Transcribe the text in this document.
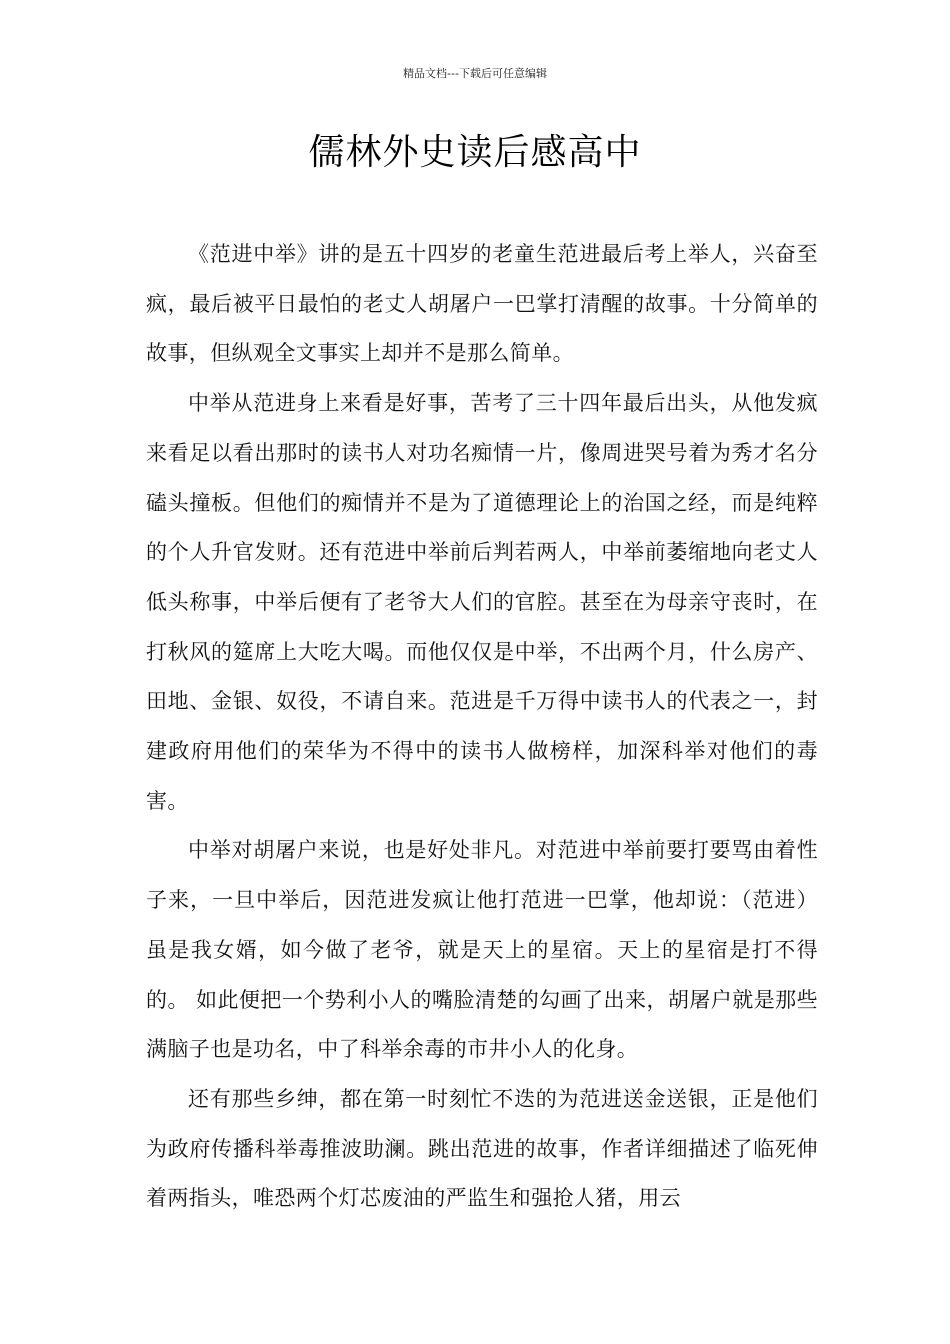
精品文档---下载后可任意编辑
儒林外史读后感高中

《范进中举》讲的是五十四岁的老童生范进最后考上举人，兴奋至疯，最后被平日最怕的老丈人胡屠户一巴掌打清醒的故事。十分简单的故事，但纵观全文事实上却并不是那么简单。

中举从范进身上来看是好事，苦考了三十四年最后出头，从他发疯来看足以看出那时的读书人对功名痴情一片，像周进哭号着为秀才名分磕头撞板。但他们的痴情并不是为了道德理论上的治国之经，而是纯粹的个人升官发财。还有范进中举前后判若两人，中举前萎缩地向老丈人低头称事，中举后便有了老爷大人们的官腔。甚至在为母亲守丧时，在打秋风的筵席上大吃大喝。而他仅仅是中举，不出两个月，什么房产、田地、金银、奴役，不请自来。范进是千万得中读书人的代表之一，封建政府用他们的荣华为不得中的读书人做榜样，加深科举对他们的毒害。

中举对胡屠户来说，也是好处非凡。对范进中举前要打要骂由着性子来，一旦中举后，因范进发疯让他打范进一巴掌，他却说：（范进）虽是我女婿，如今做了老爷，就是天上的星宿。天上的星宿是打不得的。 如此便把一个势利小人的嘴脸清楚的勾画了出来，胡屠户就是那些满脑子也是功名，中了科举余毒的市井小人的化身。

还有那些乡绅，都在第一时刻忙不迭的为范进送金送银，正是他们为政府传播科举毒推波助澜。跳出范进的故事，作者详细描述了临死伸着两指头，唯恐两个灯芯废油的严监生和强抢人猪，用云
